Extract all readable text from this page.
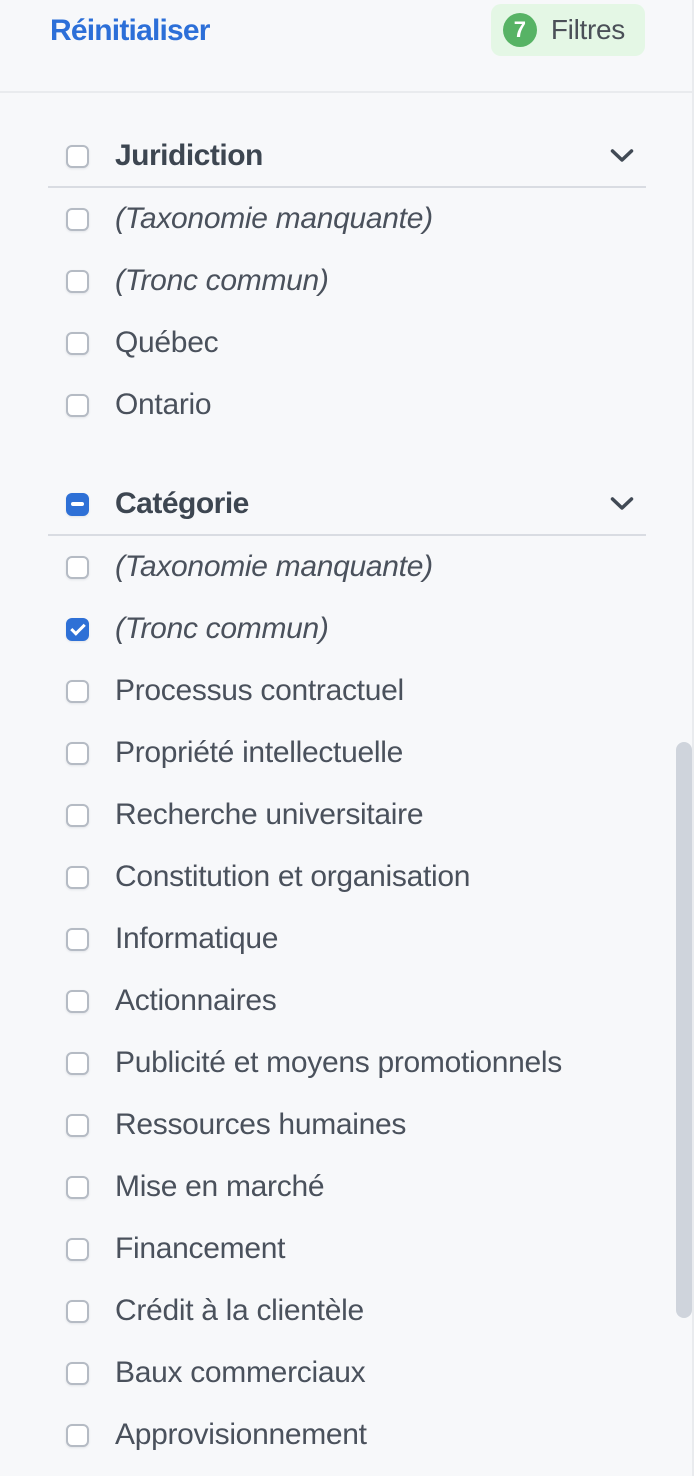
Réinitialiser	7 Filtres
Juridiction
(Taxonomie manquante)
(Tronc commun)
Québec
Ontario
Catégorie
(Taxonomie manquante)
(Tronc commun)
Processus contractuel
Propriété intellectuelle
Recherche universitaire
Constitution et organisation
Informatique
Actionnaires
Publicité et moyens promotionnels
Ressources humaines
Mise en marché
Financement
Crédit à la clientèle
Baux commerciaux
Approvisionnement
